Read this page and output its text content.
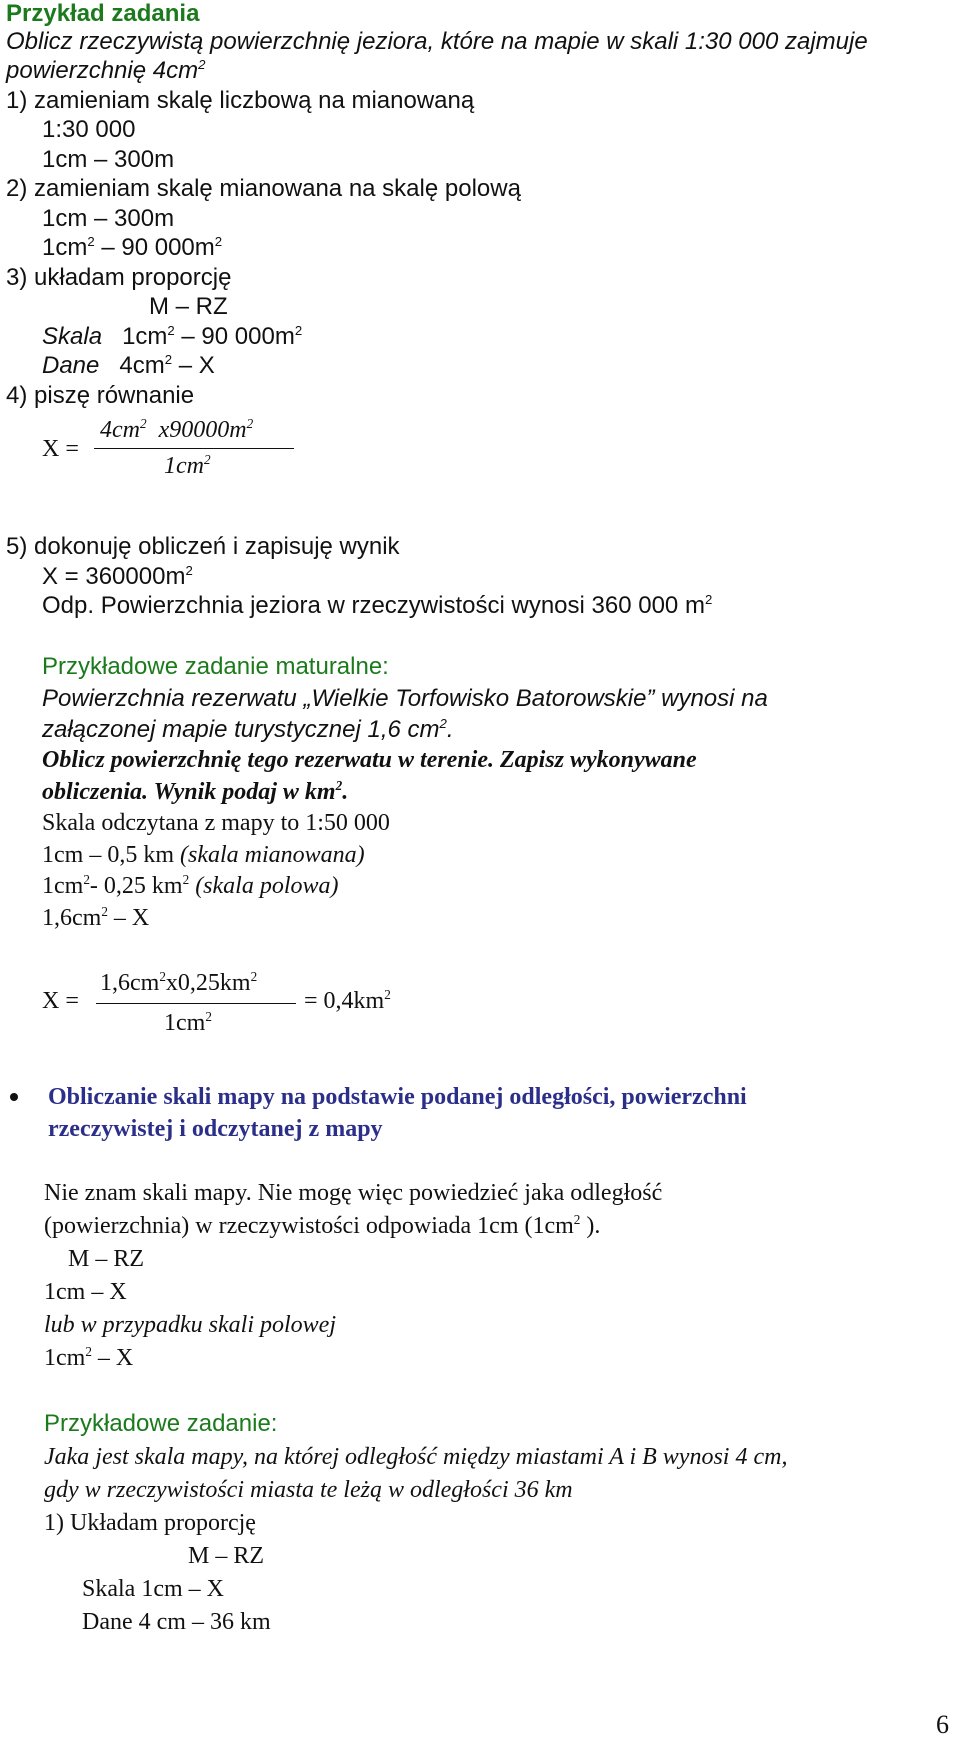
Przykład zadania
Oblicz rzeczywistą powierzchnię jeziora, które na mapie w skali 1:30 000 zajmuje
powierzchnię $4cm^2$
1) zamieniam skalę liczbową na mianowaną
1:30 000
1cm – 300m
2) zamieniam skalę mianowana na skalę polową
1cm – 300m
$1cm^2 - 90$ $000m^2$
3) układam proporcję
M – RZ
Skala $1cm^2 - 90$ $000m^2$
Dane $4cm^2$ – X
4) piszę równanie
X =
$4cm^2$  $x90000m^2$
$1cm^2$
5) dokonuję obliczeń i zapisuję wynik
$X = 360000m^2$
Odp. Powierzchnia jeziora w rzeczywistości wynosi 360 000 $m^2$
Przykładowe zadanie maturalne:
Powierzchnia rezerwatu „Wielkie Torfowisko Batorowskie” wynosi na
załączonej mapie turystycznej 1,6 $cm^2$.
Oblicz powierzchnię tego rezerwatu w terenie. Zapisz wykonywane
obliczenia. Wynik podaj w $km^2$.
Skala odczytana z mapy to 1:50 000
1cm – 0,5 km (skala mianowana)
$1cm^2-$ 0,25 $km^2$ (skala polowa)
$1,6cm^2$ – X
X =
$1,6cm^2x0,25km^2$
$1cm^2$
= $0,4km^2$
Obliczanie skali mapy na podstawie podanej odległości, powierzchni
rzeczywistej i odczytanej z mapy
Nie znam skali mapy. Nie mogę więc powiedzieć jaka odległość
(powierzchnia) w rzeczywistości odpowiada 1cm ($1cm^2$ ).
M – RZ
1cm – X
lub w przypadku skali polowej
$1cm^2$ – X
Przykładowe zadanie:
Jaka jest skala mapy, na której odległość między miastami A i B wynosi 4 cm,
gdy w rzeczywistości miasta te leżą w odległości 36 km
1) Układam proporcję
M – RZ
Skala 1cm – X
Dane 4 cm – 36 km
6
